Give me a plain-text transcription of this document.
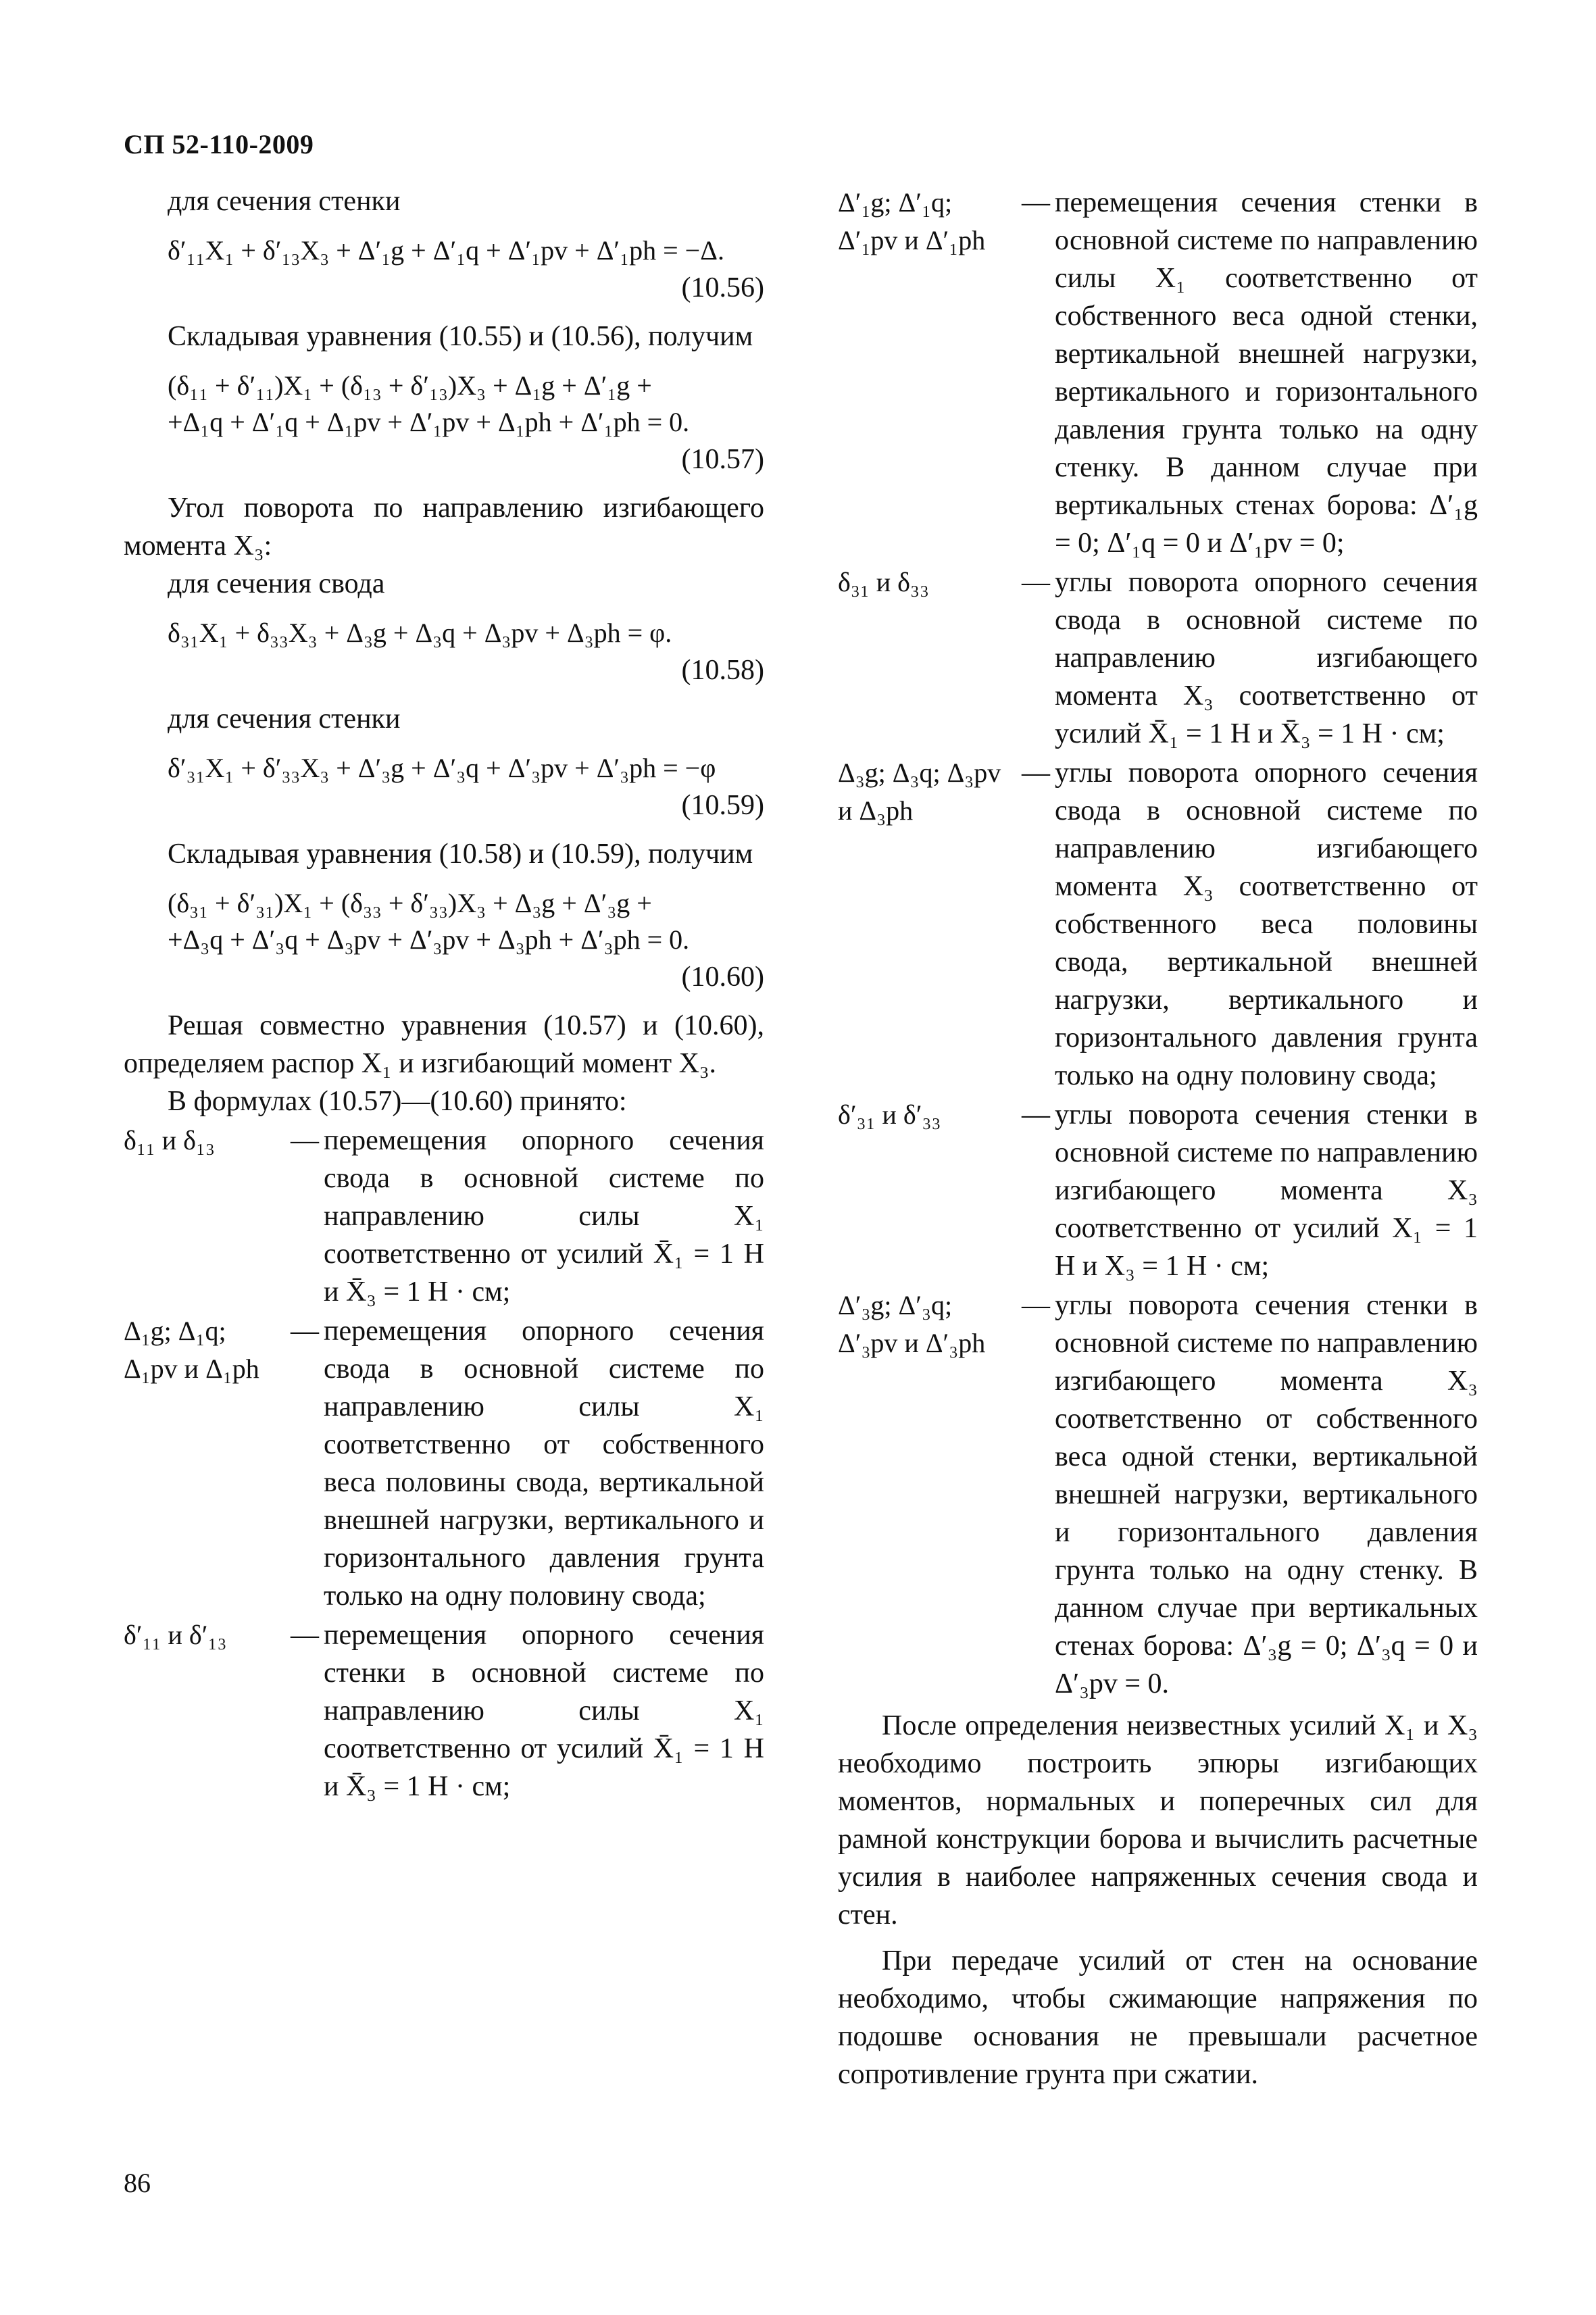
СП 52-110-2009

для сечения стенки

δ′₁₁X₁ + δ′₁₃X₃ + Δ′₁g + Δ′₁q + Δ′₁pv + Δ′₁ph = −Δ.

(10.56)

Складывая уравнения (10.55) и (10.56), получим

(δ₁₁ + δ′₁₁)X₁ + (δ₁₃ + δ′₁₃)X₃ + Δ₁g + Δ′₁g +

+Δ₁q + Δ′₁q + Δ₁pv + Δ′₁pv + Δ₁ph + Δ′₁ph = 0.

(10.57)

Угол поворота по направлению изгибающего момента X₃:

для сечения свода

δ₃₁X₁ + δ₃₃X₃ + Δ₃g + Δ₃q + Δ₃pv + Δ₃ph = φ.

(10.58)

для сечения стенки

δ′₃₁X₁ + δ′₃₃X₃ + Δ′₃g + Δ′₃q + Δ′₃pv + Δ′₃ph = −φ

(10.59)

Складывая уравнения (10.58) и (10.59), получим

(δ₃₁ + δ′₃₁)X₁ + (δ₃₃ + δ′₃₃)X₃ + Δ₃g + Δ′₃g +

+Δ₃q + Δ′₃q + Δ₃pv + Δ′₃pv + Δ₃ph + Δ′₃ph = 0.

(10.60)

Решая совместно уравнения (10.57) и (10.60), определяем распор X₁ и изгибающий момент X₃.

В формулах (10.57)—(10.60) принято:

δ₁₁ и δ₁₃	— перемещения опорного сечения свода в основной системе по направлению силы X₁ соответственно от усилий X̄₁ = 1 Н и X̄₃ = 1 Н · см;
Δ₁g; Δ₁q; Δ₁pv и Δ₁ph
— перемещения опорного сечения свода в основной системе по направлению силы X₁ соответственно от собственного веса половины свода, вертикальной внешней нагрузки, вертикального и горизонтального давления грунта только на одну половину свода;
δ′₁₁ и δ′₁₃	— перемещения опорного сечения стенки в основной системе по направлению силы X₁ соответственно от усилий X̄₁ = 1 Н и X̄₃ = 1 Н · см;
Δ′₁g; Δ′₁q; Δ′₁pv и Δ′₁ph
— перемещения сечения стенки в основной системе по направлению силы X₁ соответственно от собственного веса одной стенки, вертикальной внешней нагрузки, вертикального и горизонтального давления грунта только на одну стенку. В данном случае при вертикальных стенах борова: Δ′₁g = 0; Δ′₁q = 0 и Δ′₁pv = 0;
δ₃₁ и δ₃₃	— углы поворота опорного сечения свода в основной системе по направлению изгибающего момента X₃ соответственно от усилий X̄₁ = 1 Н и X̄₃ = 1 Н · см;
Δ₃g; Δ₃q; Δ₃pv и Δ₃ph
— углы поворота опорного сечения свода в основной системе по направлению изгибающего момента X₃ соответственно от собственного веса половины свода, вертикальной внешней нагрузки, вертикального и горизонтального давления грунта только на одну половину свода;
δ′₃₁ и δ′₃₃	— углы поворота сечения стенки в основной системе по направлению изгибающего момента X₃ соответственно от усилий X₁ = 1 Н и X₃ = 1 Н · см;
Δ′₃g; Δ′₃q; Δ′₃pv и Δ′₃ph
— углы поворота сечения стенки в основной системе по направлению изгибающего момента X₃ соответственно от собственного веса одной стенки, вертикальной внешней нагрузки, вертикального и горизонтального давления грунта только на одну стенку. В данном случае при вертикальных стенах борова: Δ′₃g = 0; Δ′₃q = 0 и Δ′₃pv = 0.

После определения неизвестных усилий X₁ и X₃ необходимо построить эпюры изгибающих моментов, нормальных и поперечных сил для рамной конструкции борова и вычислить расчетные усилия в наиболее напряженных сечения свода и стен.

При передаче усилий от стен на основание необходимо, чтобы сжимающие напряжения по подошве основания не превышали расчетное сопротивление грунта при сжатии.

86
